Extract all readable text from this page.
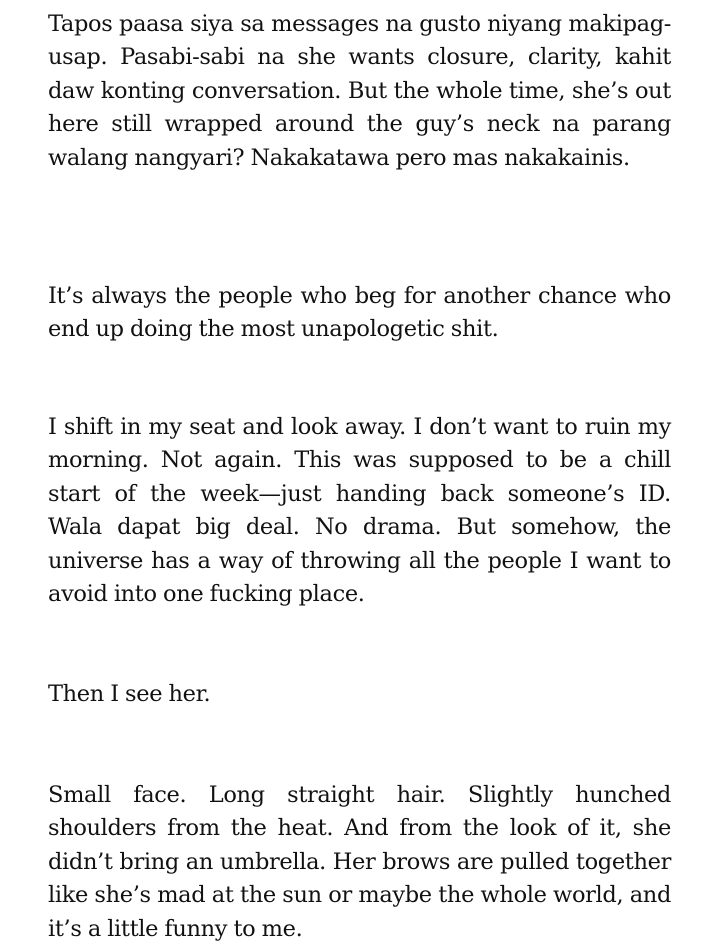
Tapos paasa siya sa messages na gusto niyang makipag-usap. Pasabi-sabi na she wants closure, clarity, kahit daw konting conversation. But the whole time, she’s out here still wrapped around the guy’s neck na parang walang nangyari? Nakakatawa pero mas nakakainis.

It’s always the people who beg for another chance who end up doing the most unapologetic shit.

I shift in my seat and look away. I don’t want to ruin my morning. Not again. This was supposed to be a chill start of the week—just handing back someone’s ID. Wala dapat big deal. No drama. But somehow, the universe has a way of throwing all the people I want to avoid into one fucking place.

Then I see her.

Small face. Long straight hair. Slightly hunched shoulders from the heat. And from the look of it, she didn’t bring an umbrella. Her brows are pulled together like she’s mad at the sun or maybe the whole world, and it’s a little funny to me.
